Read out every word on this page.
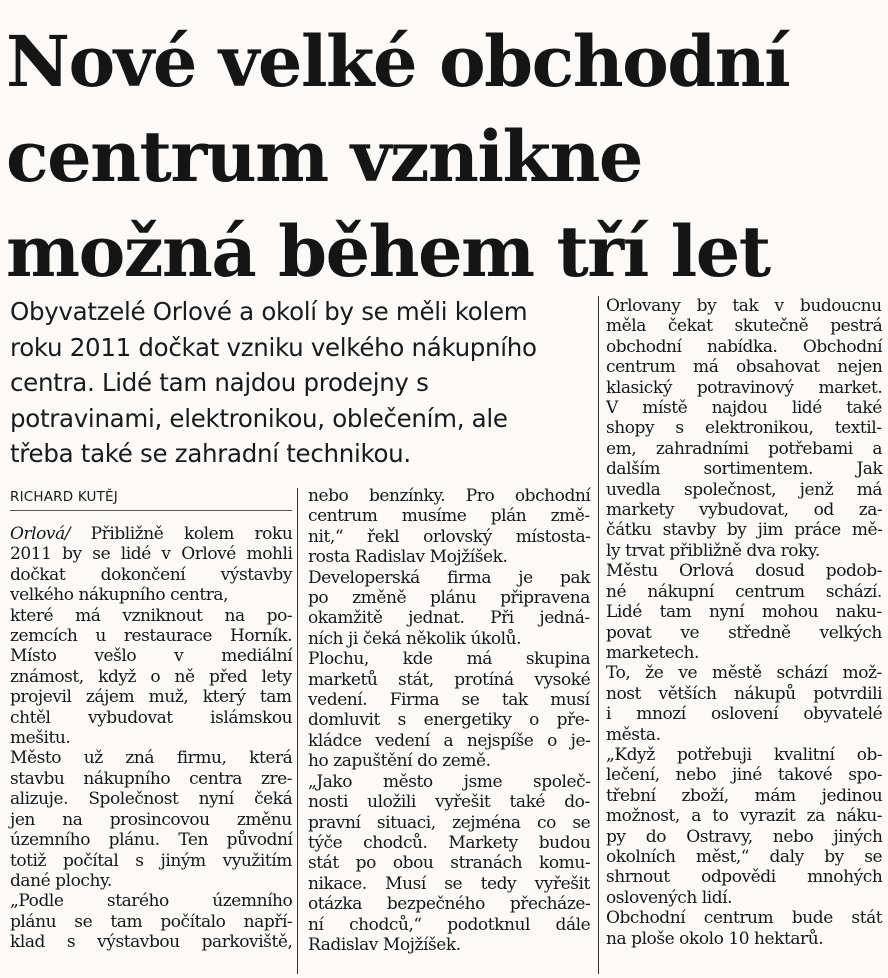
Nové velké obchodní
centrum vznikne
možná během tří let

Obyvatzelé Orlové a okolí by se měli kolem
roku 2011 dočkat vzniku velkého nákupního
centra. Lidé tam najdou prodejny s
potravinami, elektronikou, oblečením, ale
třeba také se zahradní technikou.

RICHARD KUTĚJ
Orlová/ Přibližně kolem roku
2011 by se lidé v Orlové mohli
dočkat dokončení výstavby
velkého nákupního centra,
které má vzniknout na po-
zemcích u restaurace Horník.
Místo vešlo v mediální
známost, když o ně před lety
projevil zájem muž, který tam
chtěl vybudovat islámskou
mešitu.
Město už zná firmu, která
stavbu nákupního centra zre-
alizuje. Společnost nyní čeká
jen na prosincovou změnu
územního plánu. Ten původní
totiž počítal s jiným využitím
dané plochy.
„Podle starého územního
plánu se tam počítalo napří-
klad s výstavbou parkoviště,
nebo benzínky. Pro obchodní
centrum musíme plán změ-
nit,“ řekl orlovský místosta-
rosta Radislav Mojžíšek.
Developerská firma je pak
po změně plánu připravena
okamžitě jednat. Při jedná-
ních ji čeká několik úkolů.
Plochu, kde má skupina
marketů stát, protíná vysoké
vedení. Firma se tak musí
domluvit s energetiky o pře-
kládce vedení a nejspíše o je-
ho zapuštění do země.
„Jako město jsme společ-
nosti uložili vyřešit také do-
pravní situaci, zejména co se
týče chodců. Markety budou
stát po obou stranách komu-
nikace. Musí se tedy vyřešit
otázka bezpečného přecháze-
ní chodců,“ podotknul dále
Radislav Mojžíšek.
Orlovany by tak v budoucnu
měla čekat skutečně pestrá
obchodní nabídka. Obchodní
centrum má obsahovat nejen
klasický potravinový market.
V místě najdou lidé také
shopy s elektronikou, textil-
em, zahradními potřebami a
dalším sortimentem. Jak
uvedla společnost, jenž má
markety vybudovat, od za-
čátku stavby by jim práce mě-
ly trvat přibližně dva roky.
Městu Orlová dosud podob-
né nákupní centrum schází.
Lidé tam nyní mohou naku-
povat ve středně velkých
marketech.
To, že ve městě schází mož-
nost větších nákupů potvrdili
i mnozí oslovení obyvatelé
města.
„Když potřebuji kvalitní ob-
lečení, nebo jiné takové spo-
třební zboží, mám jedinou
možnost, a to vyrazit za náku-
py do Ostravy, nebo jiných
okolních měst,“ daly by se
shrnout odpovědi mnohých
oslovených lidí.
Obchodní centrum bude stát
na ploše okolo 10 hektarů.
